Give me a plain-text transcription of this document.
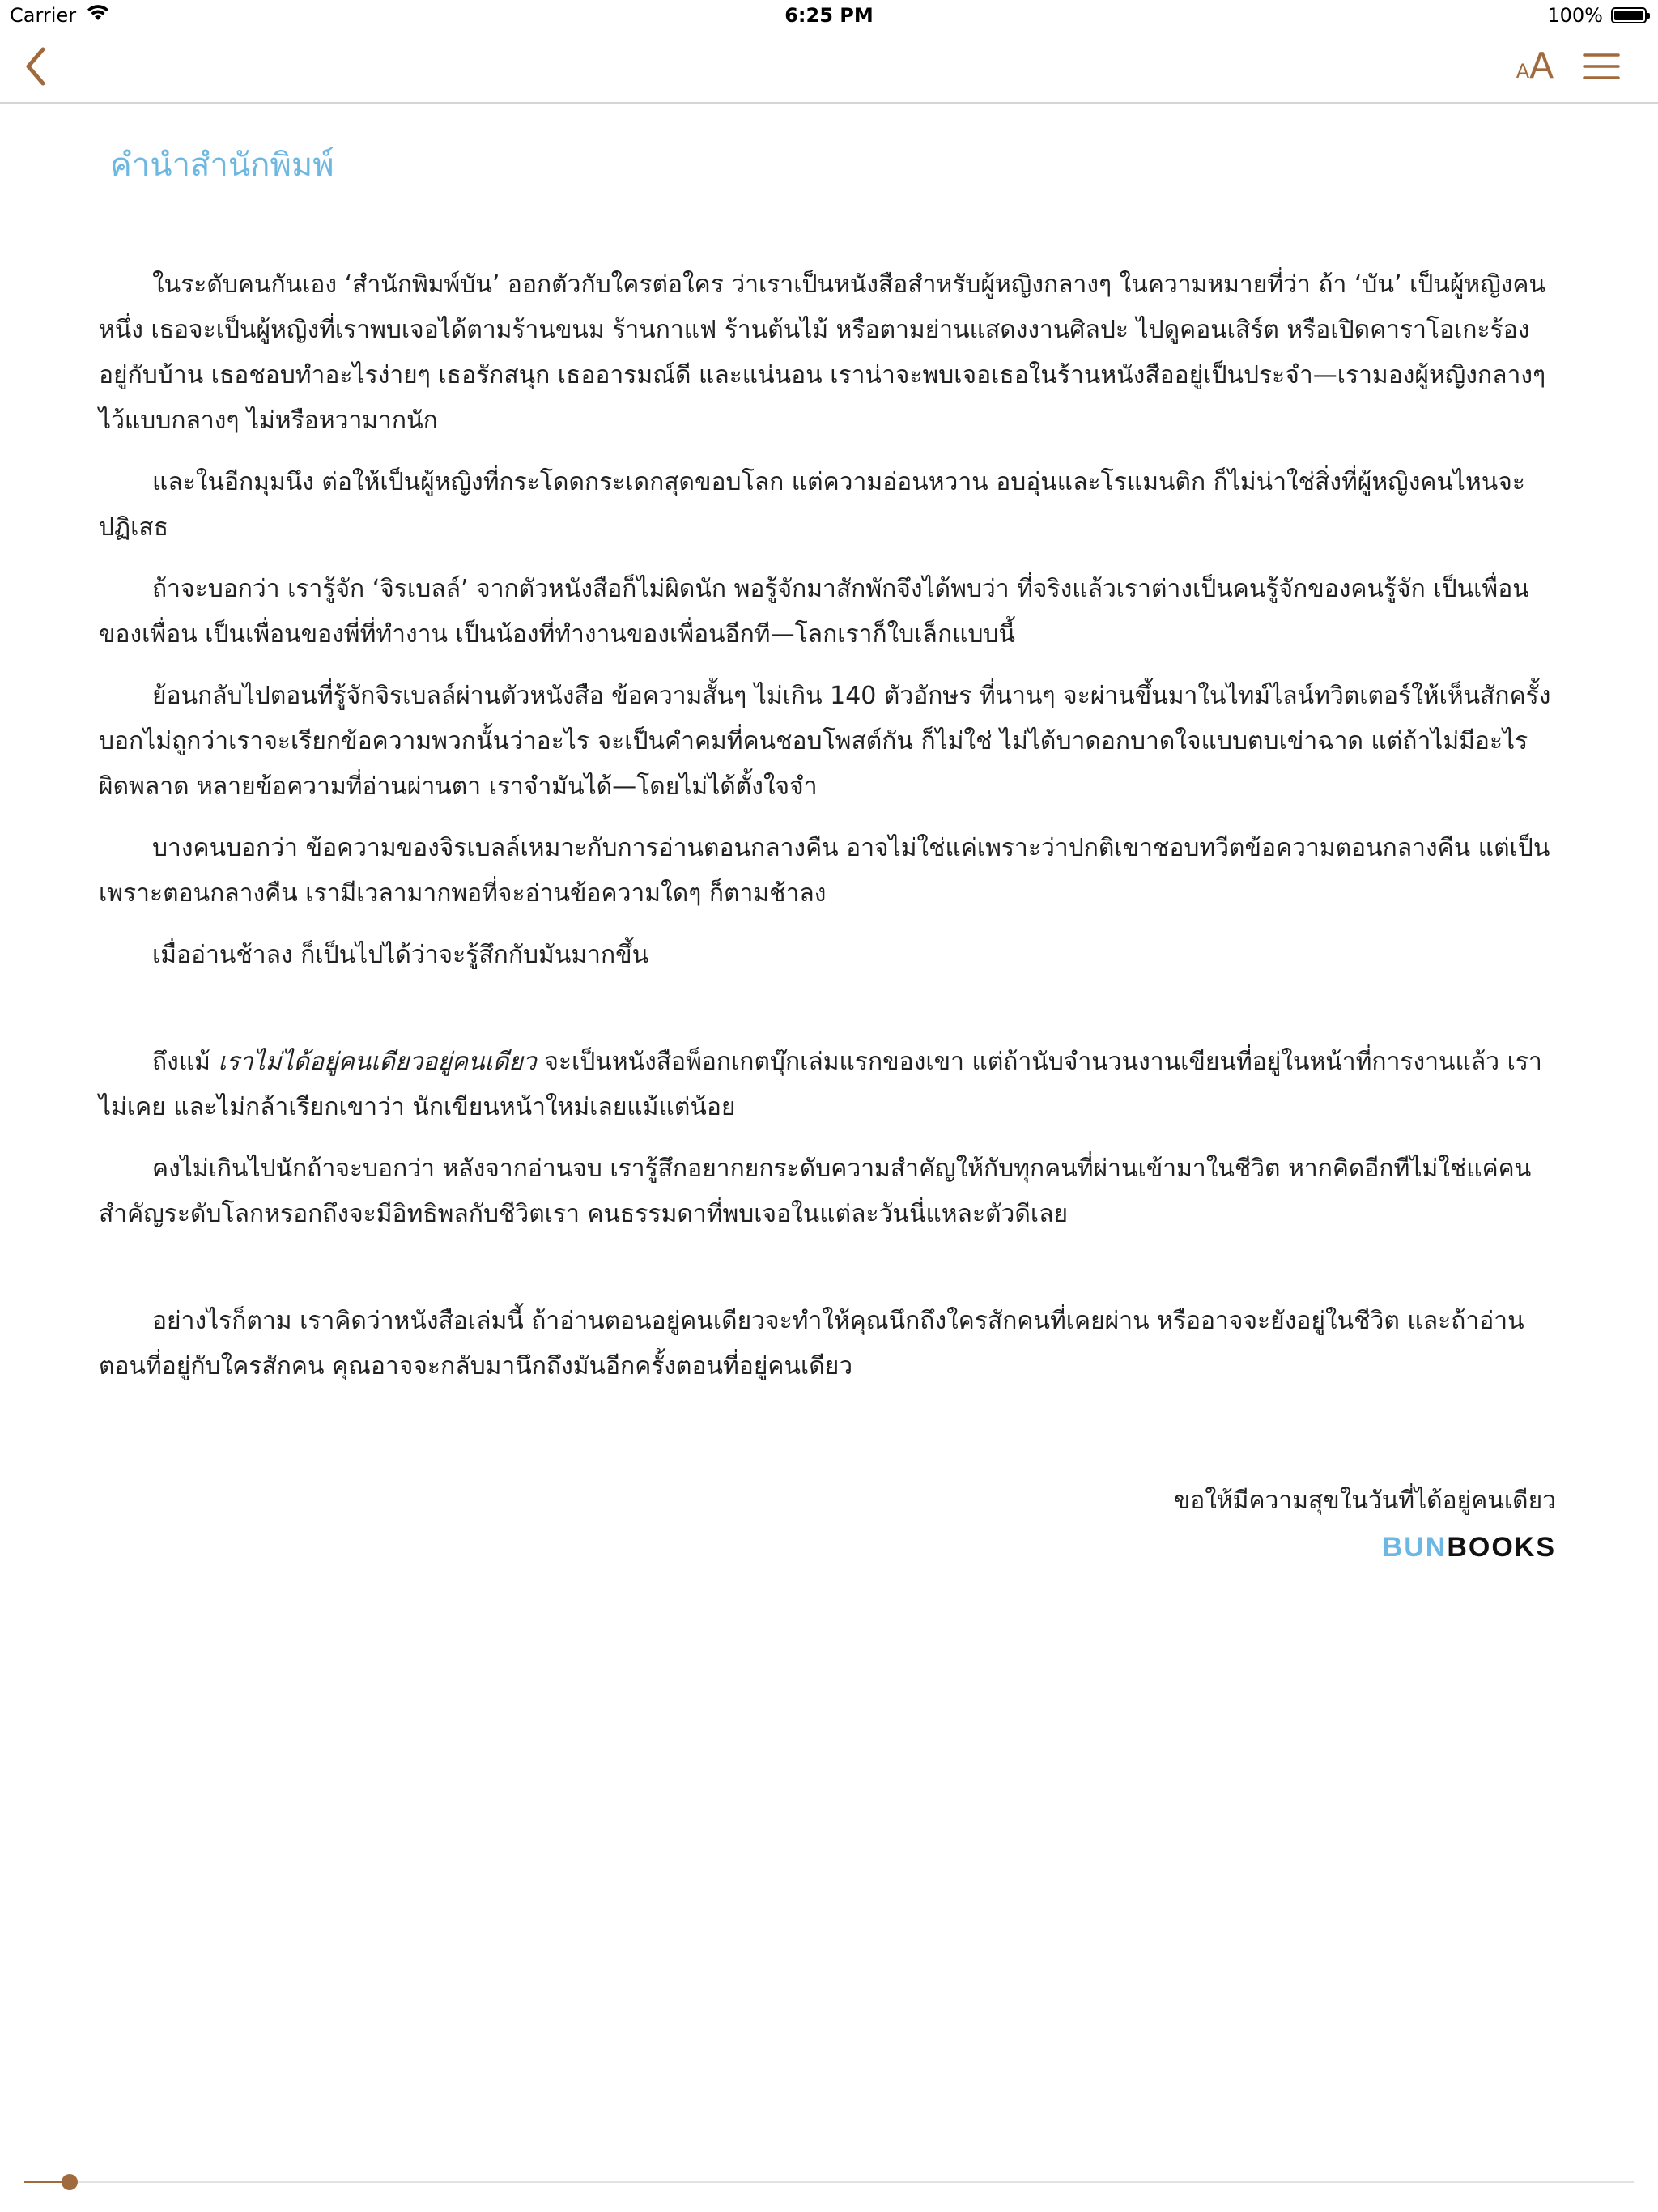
Carrier	6:25 PM	100%
A A
คำนำสำนักพิมพ์

ในระดับคนกันเอง ‘สำนักพิมพ์บัน’ ออกตัวกับใครต่อใคร ว่าเราเป็นหนังสือสำหรับผู้หญิงกลางๆ ในความหมายที่ว่า ถ้า ‘บัน’ เป็นผู้หญิงคนหนึ่ง เธอจะเป็นผู้หญิงที่เราพบเจอได้ตามร้านขนม ร้านกาแฟ ร้านต้นไม้ หรือตามย่านแสดงงานศิลปะ ไปดูคอนเสิร์ต หรือเปิดคาราโอเกะร้องอยู่กับบ้าน เธอชอบทำอะไรง่ายๆ เธอรักสนุก เธออารมณ์ดี และแน่นอน เราน่าจะพบเจอเธอในร้านหนังสืออยู่เป็นประจำ—เรามองผู้หญิงกลางๆ ไว้แบบกลางๆ ไม่หรือหวามากนัก

และในอีกมุมนึง ต่อให้เป็นผู้หญิงที่กระโดดกระเดกสุดขอบโลก แต่ความอ่อนหวาน อบอุ่นและโรแมนติก ก็ไม่น่าใช่สิ่งที่ผู้หญิงคนไหนจะปฏิเสธ

ถ้าจะบอกว่า เรารู้จัก ‘จิรเบลล์’ จากตัวหนังสือก็ไม่ผิดนัก พอรู้จักมาสักพักจึงได้พบว่า ที่จริงแล้วเราต่างเป็นคนรู้จักของคนรู้จัก เป็นเพื่อนของเพื่อน เป็นเพื่อนของพี่ที่ทำงาน เป็นน้องที่ทำงานของเพื่อนอีกที—โลกเราก็ใบเล็กแบบนี้

ย้อนกลับไปตอนที่รู้จักจิรเบลล์ผ่านตัวหนังสือ ข้อความสั้นๆ ไม่เกิน 140 ตัวอักษร ที่นานๆ จะผ่านขึ้นมาในไทม์ไลน์ทวิตเตอร์ให้เห็นสักครั้ง บอกไม่ถูกว่าเราจะเรียกข้อความพวกนั้นว่าอะไร จะเป็นคำคมที่คนชอบโพสต์กัน ก็ไม่ใช่ ไม่ได้บาดอกบาดใจแบบตบเข่าฉาด แต่ถ้าไม่มีอะไรผิดพลาด หลายข้อความที่อ่านผ่านตา เราจำมันได้—โดยไม่ได้ตั้งใจจำ

บางคนบอกว่า ข้อความของจิรเบลล์เหมาะกับการอ่านตอนกลางคืน อาจไม่ใช่แค่เพราะว่าปกติเขาชอบทวีตข้อความตอนกลางคืน แต่เป็นเพราะตอนกลางคืน เรามีเวลามากพอที่จะอ่านข้อความใดๆ ก็ตามช้าลง

เมื่ออ่านช้าลง ก็เป็นไปได้ว่าจะรู้สึกกับมันมากขึ้น

ถึงแม้ เราไม่ได้อยู่คนเดียวอยู่คนเดียว จะเป็นหนังสือพ็อกเกตบุ๊กเล่มแรกของเขา แต่ถ้านับจำนวนงานเขียนที่อยู่ในหน้าที่การงานแล้ว เราไม่เคย และไม่กล้าเรียกเขาว่า นักเขียนหน้าใหม่เลยแม้แต่น้อย

คงไม่เกินไปนักถ้าจะบอกว่า หลังจากอ่านจบ เรารู้สึกอยากยกระดับความสำคัญให้กับทุกคนที่ผ่านเข้ามาในชีวิต หากคิดอีกทีไม่ใช่แค่คนสำคัญระดับโลกหรอกถึงจะมีอิทธิพลกับชีวิตเรา คนธรรมดาที่พบเจอในแต่ละวันนี่แหละตัวดีเลย

อย่างไรก็ตาม เราคิดว่าหนังสือเล่มนี้ ถ้าอ่านตอนอยู่คนเดียวจะทำให้คุณนึกถึงใครสักคนที่เคยผ่าน หรืออาจจะยังอยู่ในชีวิต และถ้าอ่านตอนที่อยู่กับใครสักคน คุณอาจจะกลับมานึกถึงมันอีกครั้งตอนที่อยู่คนเดียว

ขอให้มีความสุขในวันที่ได้อยู่คนเดียว
BUNBOOKS
